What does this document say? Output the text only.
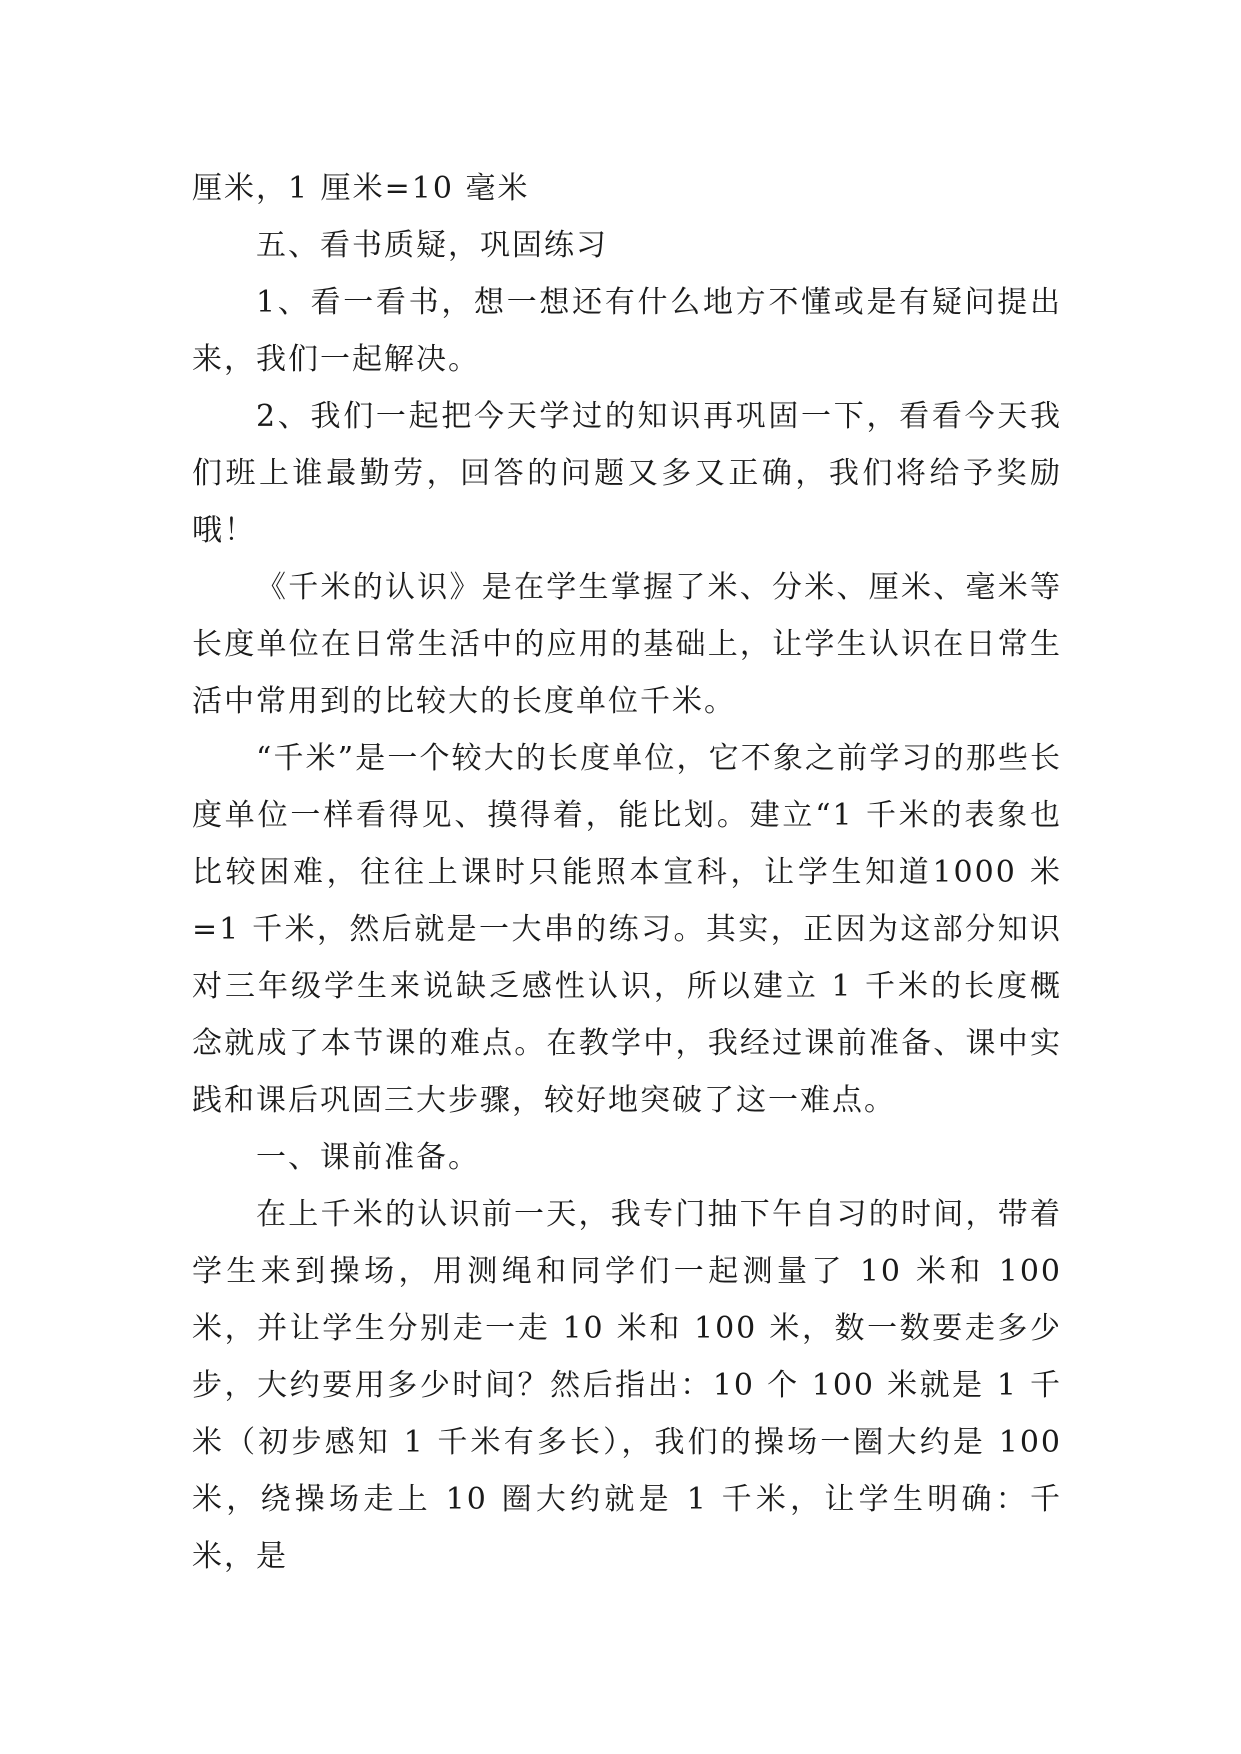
厘米，1 厘米=10 毫米

五、看书质疑，巩固练习

1、看一看书，想一想还有什么地方不懂或是有疑问提出来，我们一起解决。

2、我们一起把今天学过的知识再巩固一下，看看今天我们班上谁最勤劳，回答的问题又多又正确，我们将给予奖励哦！

《千米的认识》是在学生掌握了米、分米、厘米、毫米等长度单位在日常生活中的应用的基础上，让学生认识在日常生活中常用到的比较大的长度单位千米。

“千米”是一个较大的长度单位，它不象之前学习的那些长度单位一样看得见、摸得着，能比划。建立“1 千米的表象也比较困难，往往上课时只能照本宣科，让学生知道1000 米=1 千米，然后就是一大串的练习。其实，正因为这部分知识对三年级学生来说缺乏感性认识，所以建立 1 千米的长度概念就成了本节课的难点。在教学中，我经过课前准备、课中实践和课后巩固三大步骤，较好地突破了这一难点。

一、课前准备。

在上千米的认识前一天，我专门抽下午自习的时间，带着学生来到操场，用测绳和同学们一起测量了 10 米和 100米，并让学生分别走一走 10 米和 100 米，数一数要走多少步，大约要用多少时间？然后指出：10 个 100 米就是 1 千米（初步感知 1 千米有多长），我们的操场一圈大约是 100 米，绕操场走上 10 圈大约就是 1 千米，让学生明确：千米，是
